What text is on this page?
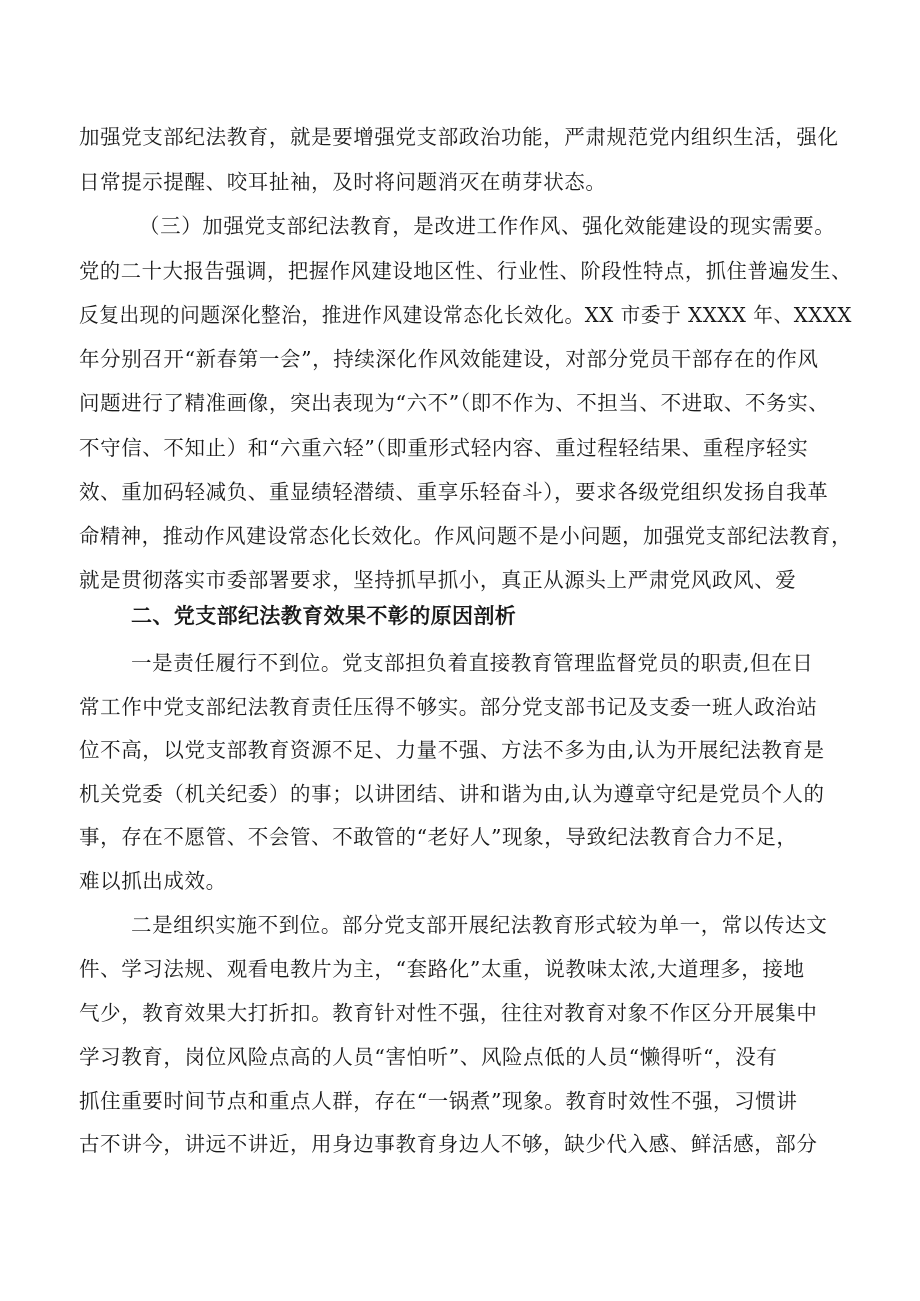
加强党支部纪法教育，就是要增强党支部政治功能，严肃规范党内组织生活，强化
日常提示提醒、咬耳扯袖，及时将问题消灭在萌芽状态。
（三）加强党支部纪法教育，是改进工作作风、强化效能建设的现实需要。
党的二十大报告强调，把握作风建设地区性、行业性、阶段性特点，抓住普遍发生、
反复出现的问题深化整治，推进作风建设常态化长效化。XX 市委于 XXXX 年、XXXX
年分别召开“新春第一会”，持续深化作风效能建设，对部分党员干部存在的作风
问题进行了精准画像，突出表现为“六不”（即不作为、不担当、不进取、不务实、
不守信、不知止）和“六重六轻”（即重形式轻内容、重过程轻结果、重程序轻实
效、重加码轻减负、重显绩轻潜绩、重享乐轻奋斗），要求各级党组织发扬自我革
命精神，推动作风建设常态化长效化。作风问题不是小问题，加强党支部纪法教育，
就是贯彻落实市委部署要求，坚持抓早抓小，真正从源头上严肃党风政风、爱
二、党支部纪法教育效果不彰的原因剖析
一是责任履行不到位。党支部担负着直接教育管理监督党员的职责,但在日
常工作中党支部纪法教育责任压得不够实。部分党支部书记及支委一班人政治站
位不高，以党支部教育资源不足、力量不强、方法不多为由,认为开展纪法教育是
机关党委（机关纪委）的事；以讲团结、讲和谐为由,认为遵章守纪是党员个人的
事，存在不愿管、不会管、不敢管的“老好人”现象，导致纪法教育合力不足，
难以抓出成效。
二是组织实施不到位。部分党支部开展纪法教育形式较为单一，常以传达文
件、学习法规、观看电教片为主，“套路化”太重，说教味太浓,大道理多，接地
气少，教育效果大打折扣。教育针对性不强，往往对教育对象不作区分开展集中
学习教育，岗位风险点高的人员“害怕听”、风险点低的人员“懒得听“，没有
抓住重要时间节点和重点人群，存在“一锅煮”现象。教育时效性不强，习惯讲
古不讲今，讲远不讲近，用身边事教育身边人不够，缺少代入感、鲜活感，部分
